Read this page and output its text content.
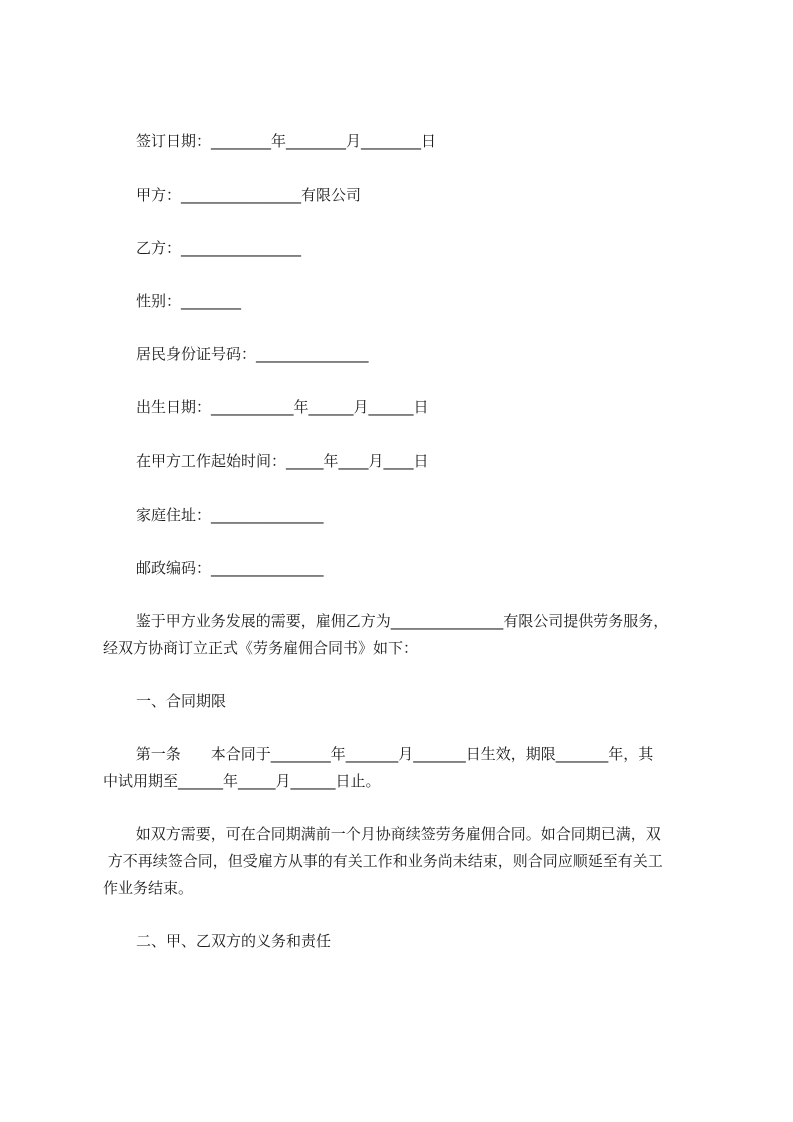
签订日期：________年________月________日
甲方：________________有限公司
乙方：________________
性别：________
居民身份证号码：_______________
出生日期：___________年______月______日
在甲方工作起始时间：_____年____月____日
家庭住址：_______________
邮政编码：_______________
鉴于甲方业务发展的需要，雇佣乙方为_______________有限公司提供劳务服务，
经双方协商订立正式《劳务雇佣合同书》如下：
一、合同期限
第一条　　本合同于________年_______月_______日生效，期限_______年，其
中试用期至______年_____月______日止。
如双方需要，可在合同期满前一个月协商续签劳务雇佣合同。如合同期已满，双
方不再续签合同，但受雇方从事的有关工作和业务尚未结束，则合同应顺延至有关工
作业务结束。
二、甲、乙双方的义务和责任
